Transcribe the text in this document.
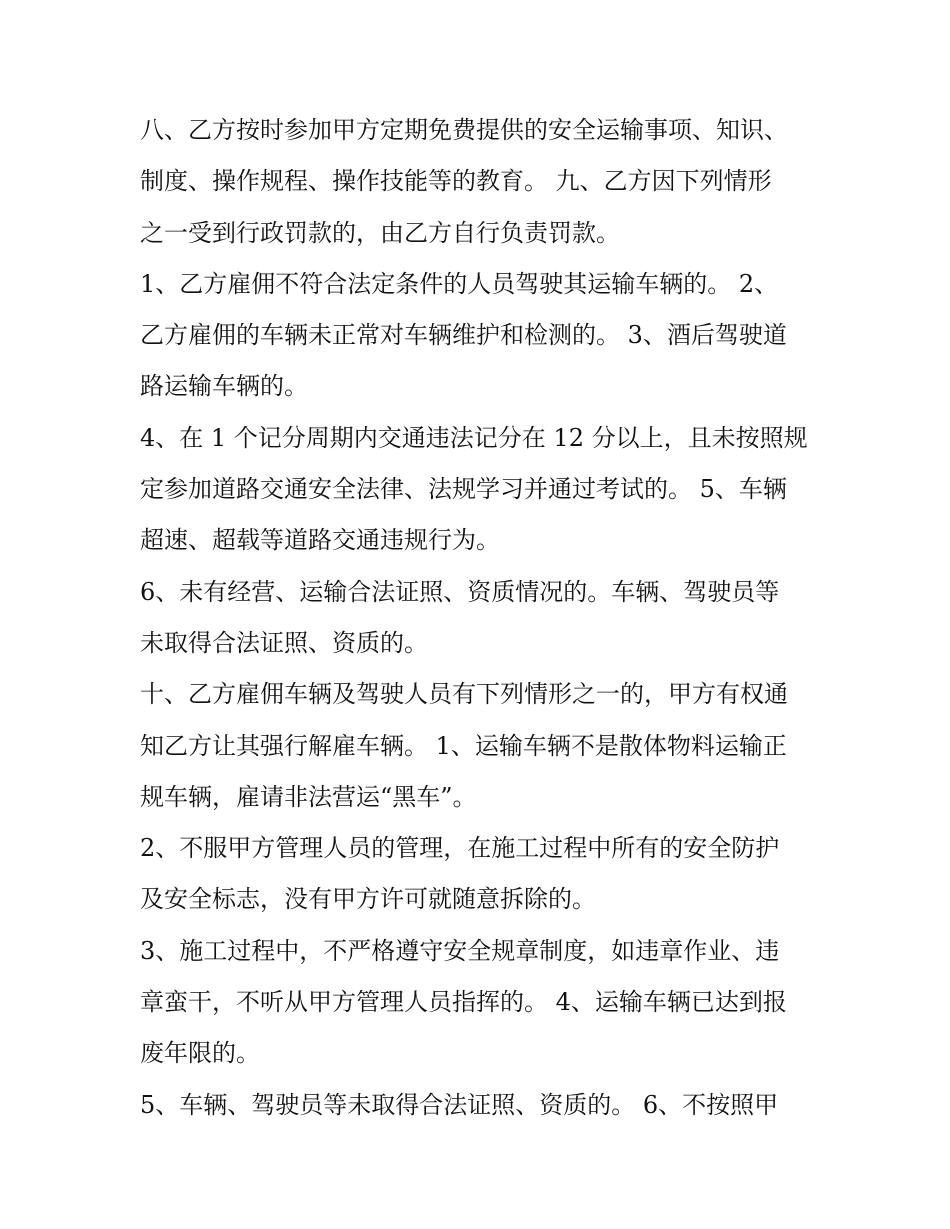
八、乙方按时参加甲方定期免费提供的安全运输事项、知识、
制度、操作规程、操作技能等的教育。 九、乙方因下列情形
之一受到行政罚款的，由乙方自行负责罚款。
1、乙方雇佣不符合法定条件的人员驾驶其运输车辆的。 2、
乙方雇佣的车辆未正常对车辆维护和检测的。 3、酒后驾驶道
路运输车辆的。
4、在 1 个记分周期内交通违法记分在 12 分以上，且未按照规
定参加道路交通安全法律、法规学习并通过考试的。 5、车辆
超速、超载等道路交通违规行为。
6、未有经营、运输合法证照、资质情况的。车辆、驾驶员等
未取得合法证照、资质的。
十、乙方雇佣车辆及驾驶人员有下列情形之一的，甲方有权通
知乙方让其强行解雇车辆。 1、运输车辆不是散体物料运输正
规车辆，雇请非法营运“黑车”。
2、不服甲方管理人员的管理，在施工过程中所有的安全防护
及安全标志，没有甲方许可就随意拆除的。
3、施工过程中，不严格遵守安全规章制度，如违章作业、违
章蛮干，不听从甲方管理人员指挥的。 4、运输车辆已达到报
废年限的。
5、车辆、驾驶员等未取得合法证照、资质的。 6、不按照甲
